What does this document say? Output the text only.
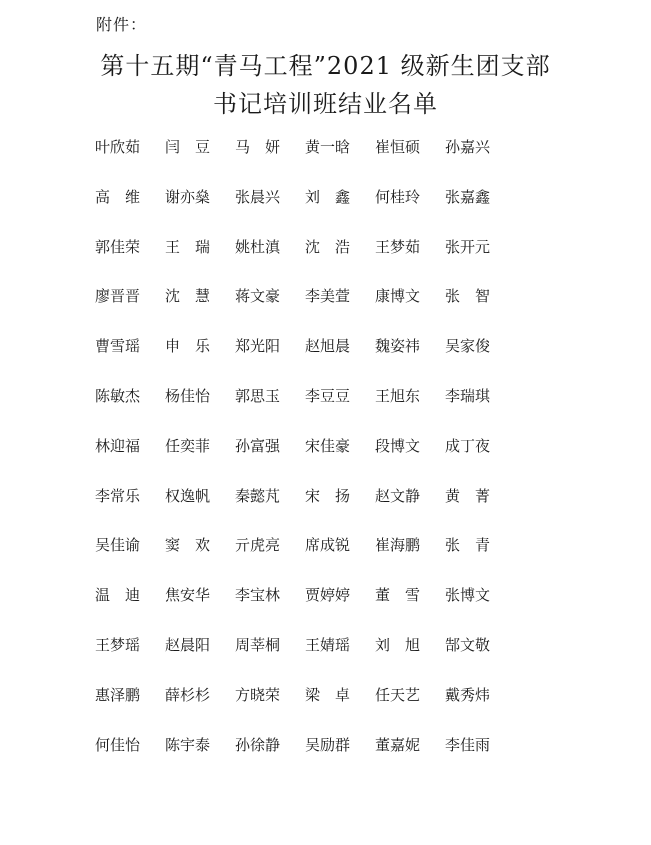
附件：
第十五期“青马工程”2021 级新生团支部
书记培训班结业名单
叶欣茹	闫　豆	马　妍	黄一晗	崔恒硕	孙嘉兴
高　维	谢亦燊	张晨兴	刘　鑫	何桂玲	张嘉鑫
郭佳荣	王　瑞	姚杜滇	沈　浩	王梦茹	张开元
廖晋晋	沈　慧	蒋文豪	李美萱	康博文	张　智
曹雪瑶	申　乐	郑光阳	赵旭晨	魏姿祎	吴家俊
陈敏杰	杨佳怡	郭思玉	李豆豆	王旭东	李瑞琪
林迎福	任奕菲	孙富强	宋佳豪	段博文	成丁夜
李常乐	权逸帆	秦懿芃	宋　扬	赵文静	黄　菁
吴佳谕	窦　欢	亓虎亮	席成锐	崔海鹏	张　青
温　迪	焦安华	李宝林	贾婷婷	董　雪	张博文
王梦瑶	赵晨阳	周莘桐	王婧瑶	刘　旭	郜文敬
惠泽鹏	薛杉杉	方晓荣	梁　卓	任天艺	戴秀炜
何佳怡	陈宇泰	孙徐静	吴励群	董嘉妮	李佳雨
